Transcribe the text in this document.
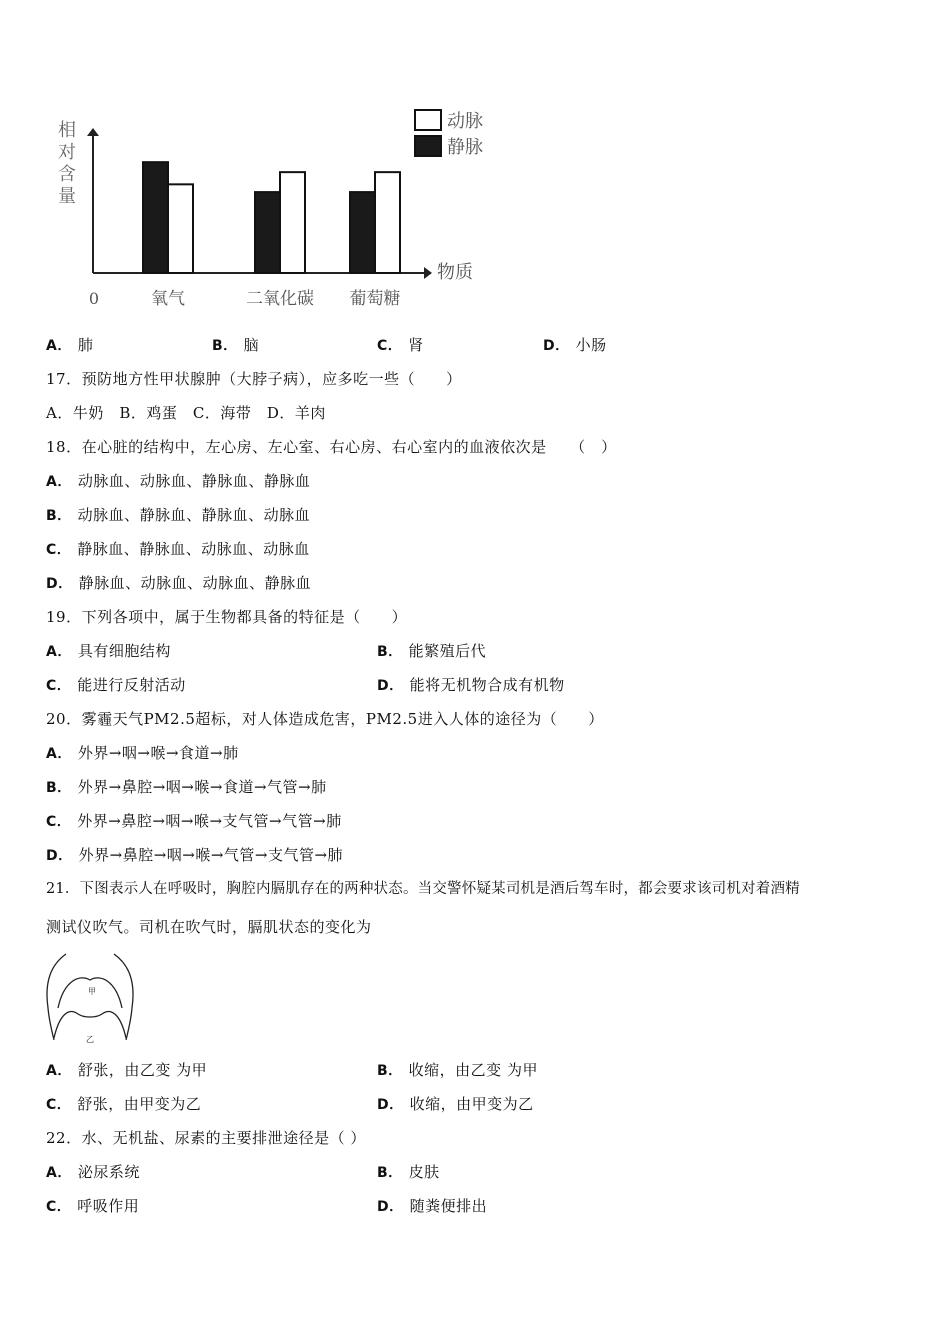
相
对
含
量
物质
0	氧气	二氧化碳 葡萄糖
动脉
静脉
A． 肺	B． 脑	C． 肾	D． 小肠
17．预防地方性甲状腺肿（大脖子病），应多吃一些（　　）
A．牛奶　B．鸡蛋　C．海带　D．羊肉
18．在心脏的结构中，左心房、左心室、右心房、右心室内的血液依次是　　（　）
A． 动脉血、动脉血、静脉血、静脉血
B． 动脉血、静脉血、静脉血、动脉血
C． 静脉血、静脉血、动脉血、动脉血
D． 静脉血、动脉血、动脉血、静脉血
19．下列各项中，属于生物都具备的特征是（　　）
A． 具有细胞结构	B． 能繁殖后代
C． 能进行反射活动	D． 能将无机物合成有机物
20．雾霾天气PM2.5超标，对人体造成危害，PM2.5进入人体的途径为（　　）
A． 外界→咽→喉→食道→肺
B． 外界→鼻腔→咽→喉→食道→气管→肺
C． 外界→鼻腔→咽→喉→支气管→气管→肺
D． 外界→鼻腔→咽→喉→气管→支气管→肺
21．下图表示人在呼吸时，胸腔内膈肌存在的两种状态。当交警怀疑某司机是酒后驾车时，都会要求该司机对着酒精
测试仪吹气。司机在吹气时，膈肌状态的变化为
甲
乙
A． 舒张，由乙变 为甲	B． 收缩，由乙变 为甲
C． 舒张，由甲变为乙	D． 收缩，由甲变为乙
22．水、无机盐、尿素的主要排泄途径是（ ）
A． 泌尿系统	B． 皮肤
C． 呼吸作用	D． 随粪便排出
